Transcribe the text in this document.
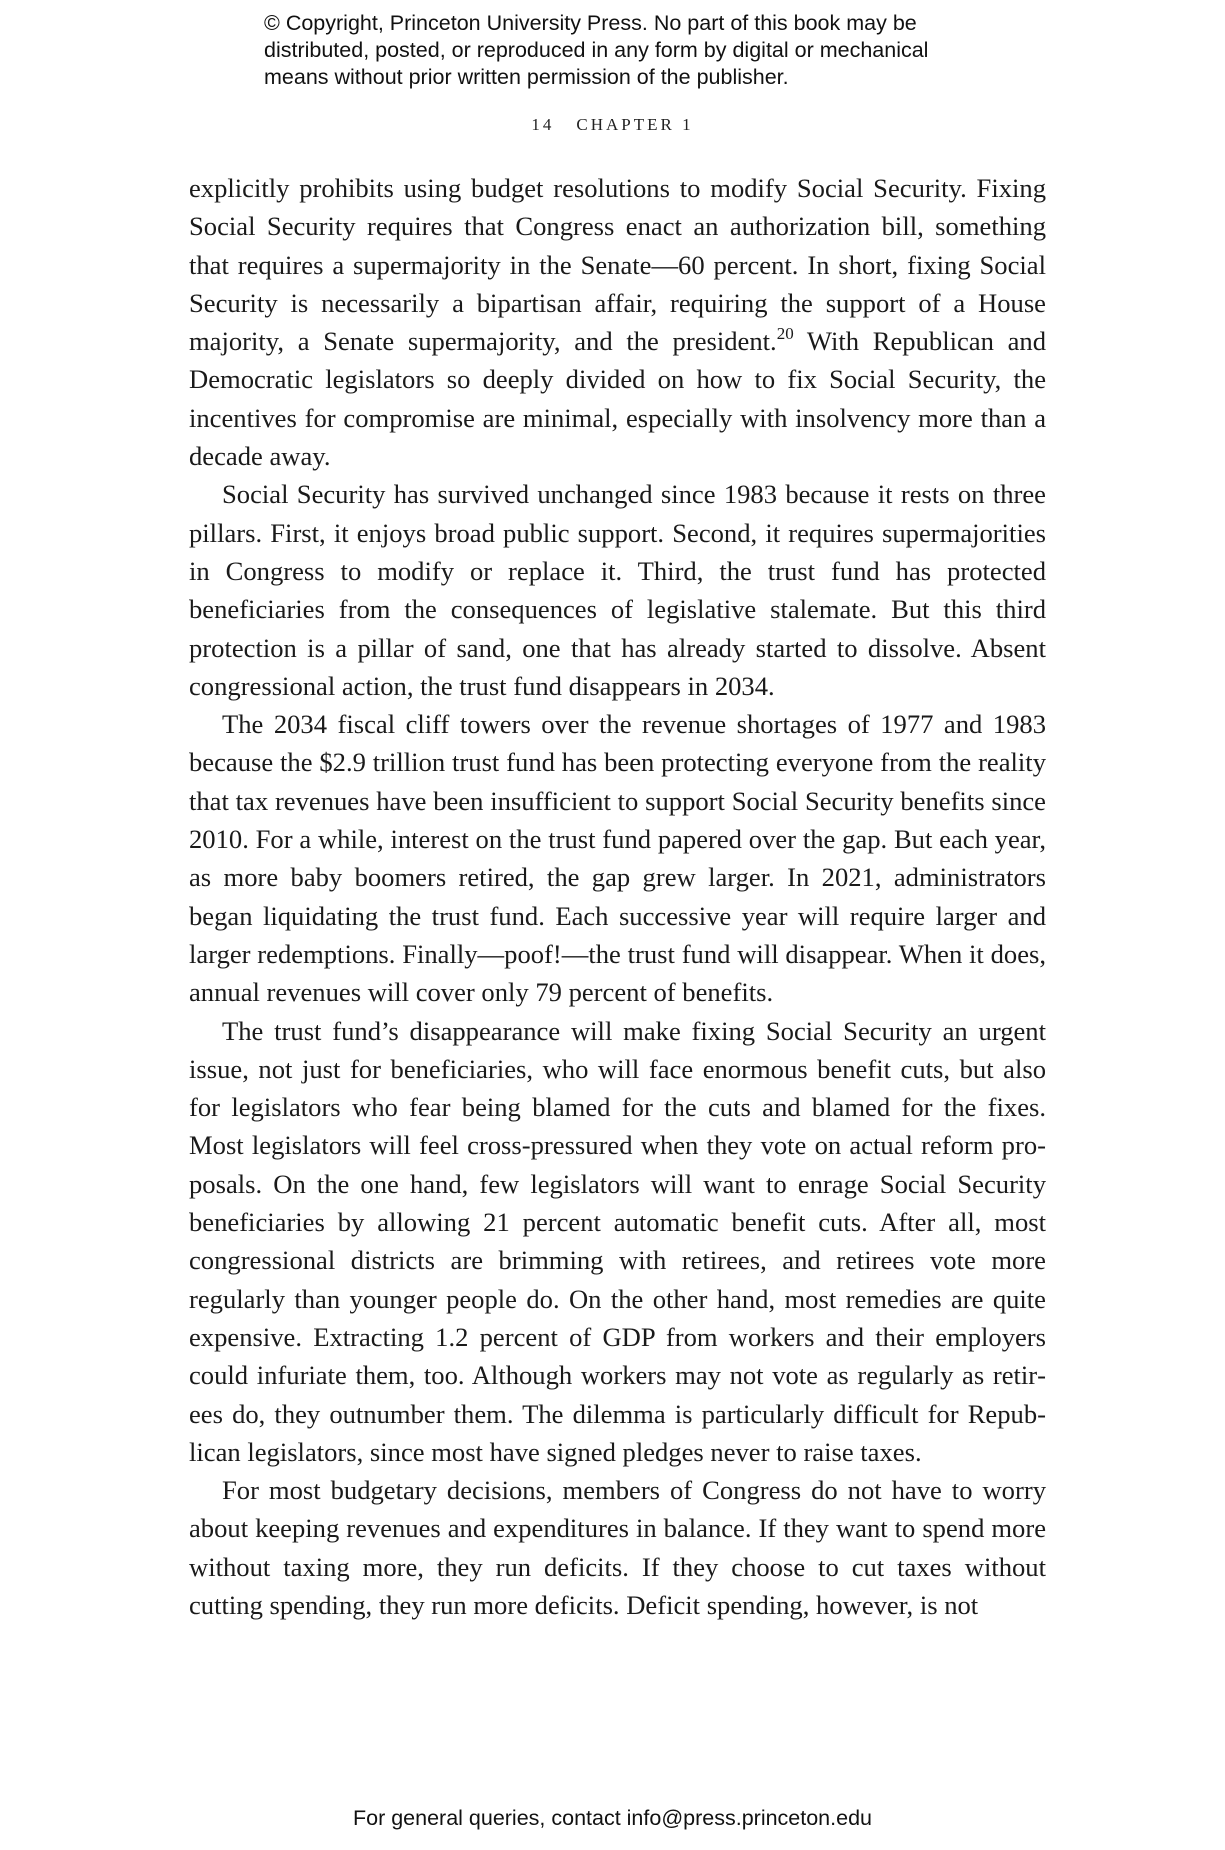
© Copyright, Princeton University Press. No part of this book may be
distributed, posted, or reproduced in any form by digital or mechanical
means without prior written permission of the publisher.
14 CHAPTER 1

explicitly prohibits using budget resolutions to modify Social Security. Fixing Social Security requires that Congress enact an authorization bill, something that requires a supermajority in the Senate—60 percent. In short, fixing Social Security is necessarily a bipartisan affair, requiring the support of a House majority, a Senate supermajority, and the president.$^{20}$ With Republican and Democratic legislators so deeply divided on how to fix Social Security, the incentives for compromise are minimal, especially with insolvency more than a decade away.

Social Security has survived unchanged since 1983 because it rests on three pillars. First, it enjoys broad public support. Second, it requires supermajorities in Congress to modify or replace it. Third, the trust fund has protected beneficiaries from the consequences of legislative stalemate. But this third protection is a pillar of sand, one that has already started to dissolve. Absent congressional action, the trust fund disappears in 2034.

The 2034 fiscal cliff towers over the revenue shortages of 1977 and 1983 because the $2.9 trillion trust fund has been protecting everyone from the reality that tax revenues have been insufficient to support Social Security benefits since 2010. For a while, interest on the trust fund papered over the gap. But each year, as more baby boomers retired, the gap grew larger. In 2021, administrators began liquidating the trust fund. Each successive year will require larger and larger redemptions. Finally—poof!—the trust fund will disappear. When it does, annual revenues will cover only 79 percent of benefits.

The trust fund’s disappearance will make fixing Social Security an urgent issue, not just for beneficiaries, who will face enormous benefit cuts, but also for legislators who fear being blamed for the cuts and blamed for the fixes. Most legislators will feel cross-pressured when they vote on actual reform proposals. On the one hand, few legislators will want to enrage Social Security beneficiaries by allowing 21 percent automatic benefit cuts. After all, most congressional districts are brimming with retirees, and retirees vote more regularly than younger people do. On the other hand, most remedies are quite expensive. Extracting 1.2 percent of GDP from workers and their employers could infuriate them, too. Although workers may not vote as regularly as retirees do, they outnumber them. The dilemma is particularly difficult for Republican legislators, since most have signed pledges never to raise taxes.

For most budgetary decisions, members of Congress do not have to worry about keeping revenues and expenditures in balance. If they want to spend more without taxing more, they run deficits. If they choose to cut taxes without cutting spending, they run more deficits. Deficit spending, however, is not

For general queries, contact info@press.princeton.edu
